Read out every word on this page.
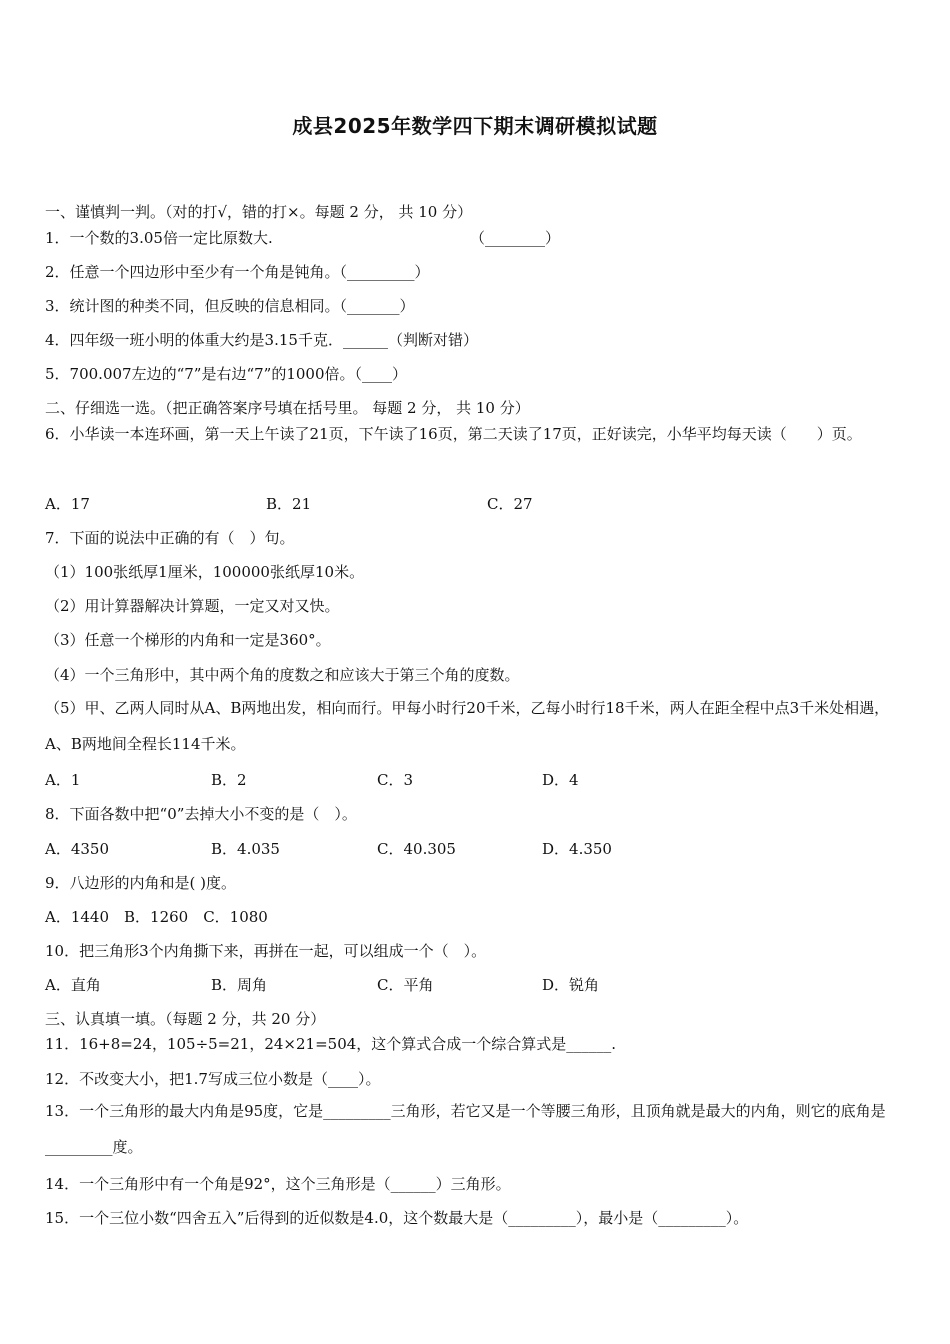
成县2025年数学四下期末调研模拟试题
一、谨慎判一判。（对的打√，错的打×。每题 2 分， 共 10 分）
1．一个数的3.05倍一定比原数大.	（________）
2．任意一个四边形中至少有一个角是钝角。（_________）
3．统计图的种类不同，但反映的信息相同。（_______）
4．四年级一班小明的体重大约是3.15千克．______（判断对错）
5．700.007左边的“7”是右边“7”的1000倍。（____）
二、仔细选一选。（把正确答案序号填在括号里。 每题 2 分， 共 10 分）
6．小华读一本连环画，第一天上午读了21页，下午读了16页，第二天读了17页，正好读完，小华平均每天读（　　）页。
A．17	B．21	C．27
7．下面的说法中正确的有（　）句。
（1）100张纸厚1厘米，100000张纸厚10米。
（2）用计算器解决计算题，一定又对又快。
（3）任意一个梯形的内角和一定是360°。
（4）一个三角形中，其中两个角的度数之和应该大于第三个角的度数。
（5）甲、乙两人同时从A、B两地出发，相向而行。甲每小时行20千米，乙每小时行18千米，两人在距全程中点3千米处相遇，A、B两地间全程长114千米。
A．1	B．2	C．3	D．4
8．下面各数中把“0”去掉大小不变的是（　）。
A．4350	B．4.035	C．40.305	D．4.350
9．八边形的内角和是( )度。
A．1440　B．1260　C．1080
10．把三角形3个内角撕下来，再拼在一起，可以组成一个（　）。
A．直角	B．周角	C．平角	D．锐角
三、认真填一填。（每题 2 分，共 20 分）
11．16+8=24，105÷5=21，24×21=504，这个算式合成一个综合算式是______.
12．不改变大小，把1.7写成三位小数是（____）。
13．一个三角形的最大内角是95度，它是_________三角形，若它又是一个等腰三角形，且顶角就是最大的内角，则它的底角是_________度。
14．一个三角形中有一个角是92°，这个三角形是（______）三角形。
15．一个三位小数“四舍五入”后得到的近似数是4.0，这个数最大是（_________），最小是（_________）。
